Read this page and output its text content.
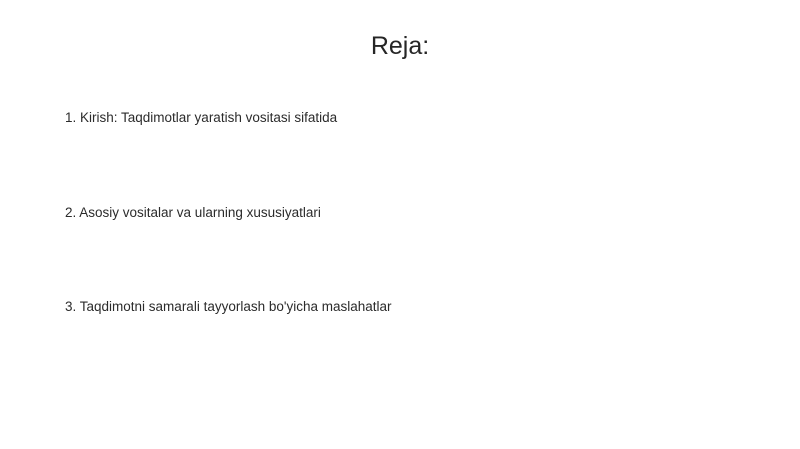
Reja:
1. Kirish: Taqdimotlar yaratish vositasi sifatida
2. Asosiy vositalar va ularning xususiyatlari
3. Taqdimotni samarali tayyorlash bo'yicha maslahatlar
